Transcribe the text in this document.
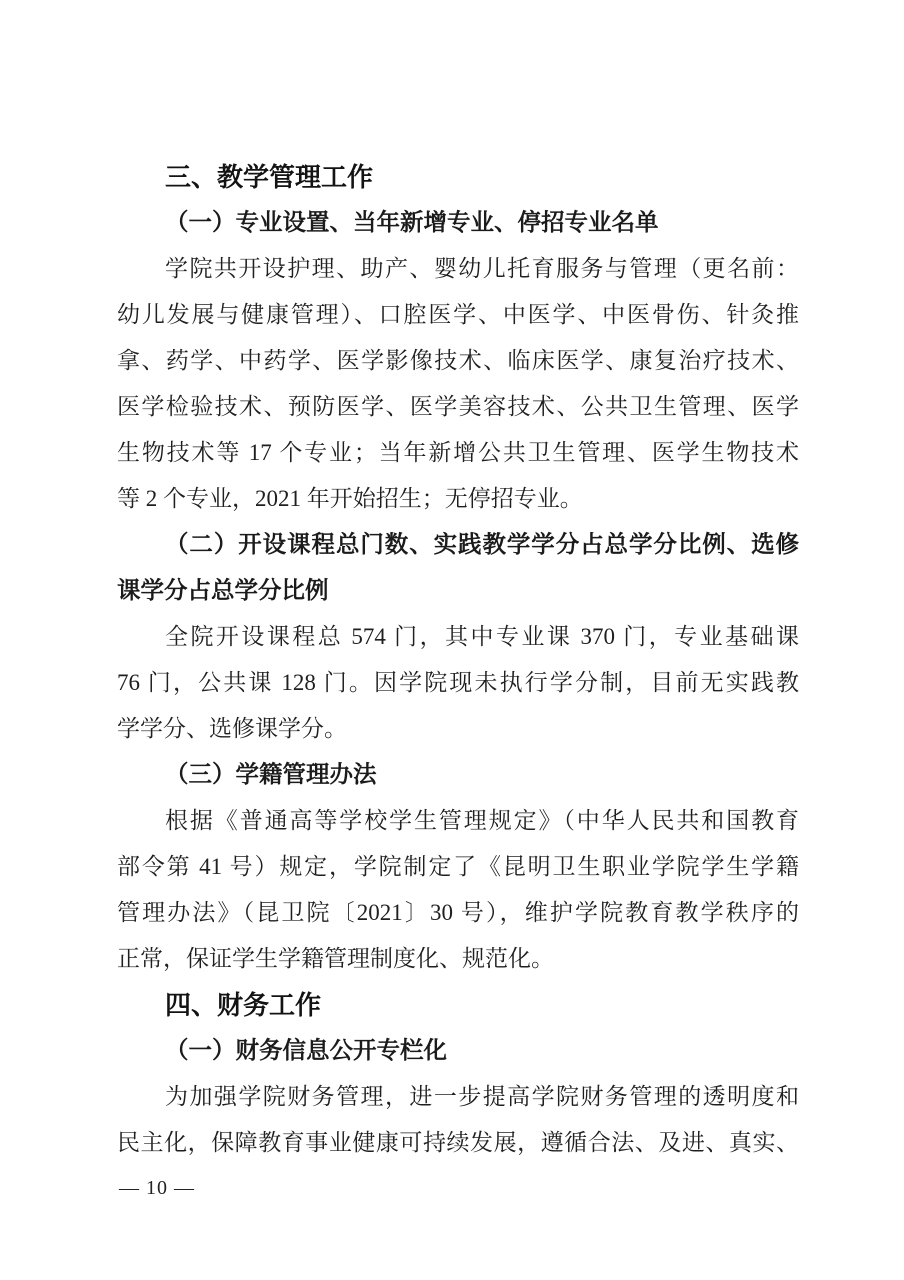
三、教学管理工作
（一）专业设置、当年新增专业、停招专业名单
学院共开设护理、助产、婴幼儿托育服务与管理（更名前：
幼儿发展与健康管理）、口腔医学、中医学、中医骨伤、针灸推
拿、药学、中药学、医学影像技术、临床医学、康复治疗技术、
医学检验技术、预防医学、医学美容技术、公共卫生管理、医学
生物技术等 17 个专业；当年新增公共卫生管理、医学生物技术
等 2 个专业，2021 年开始招生；无停招专业。
（二）开设课程总门数、实践教学学分占总学分比例、选修
课学分占总学分比例
全院开设课程总 574 门，其中专业课 370 门，专业基础课
76 门，公共课 128 门。因学院现未执行学分制，目前无实践教
学学分、选修课学分。
（三）学籍管理办法
根据《普通高等学校学生管理规定》（中华人民共和国教育
部令第 41 号）规定，学院制定了《昆明卫生职业学院学生学籍
管理办法》（昆卫院〔2021〕30 号），维护学院教育教学秩序的
正常，保证学生学籍管理制度化、规范化。
四、财务工作
（一）财务信息公开专栏化
为加强学院财务管理，进一步提高学院财务管理的透明度和
民主化，保障教育事业健康可持续发展，遵循合法、及进、真实、
— 10 —
